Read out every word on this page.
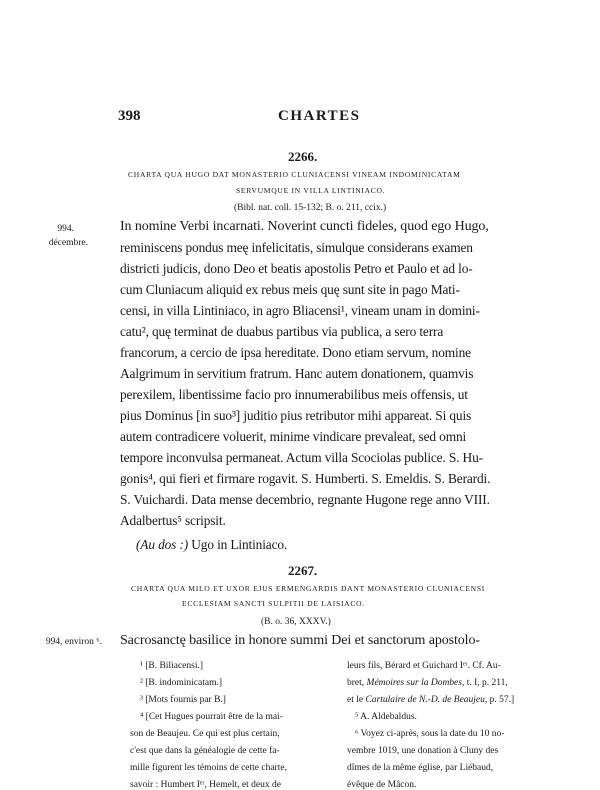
398	CHARTES
2266.
CHARTA QUA HUGO DAT MONASTERIO CLUNIACENSI VINEAM INDOMINICATAM
SERVUMQUE IN VILLA LINTINIACO.
(Bibl. nat. coll. 15-132; B. o. 211, ccix.)
994.
décembre.
In nomine Verbi incarnati. Noverint cuncti fideles, quod ego Hugo,
reminiscens pondus meę infelicitatis, simulque considerans examen
districti judicis, dono Deo et beatis apostolis Petro et Paulo et ad lo-
cum Cluniacum aliquid ex rebus meis quę sunt site in pago Mati-
censi, in villa Lintiniaco, in agro Bliacensi¹, vineam unam in domini-
catu², quę terminat de duabus partibus via publica, a sero terra
francorum, a cercio de ipsa hereditate. Dono etiam servum, nomine
Aalgrimum in servitium fratrum. Hanc autem donationem, quamvis
perexilem, libentissime facio pro innumerabilibus meis offensis, ut
pius Dominus [in suo³] juditio pius retributor mihi appareat. Si quis
autem contradicere voluerit, minime vindicare prevaleat, sed omni
tempore inconvulsa permaneat. Actum villa Scociolas publice. S. Hu-
gonis⁴, qui fieri et firmare rogavit. S. Humberti. S. Emeldis. S. Berardi.
S. Vuichardi. Data mense decembrio, regnante Hugone rege anno VIII.
Adalbertus⁵ scripsit.
(Au dos :) Ugo in Lintiniaco.
2267.
CHARTA QUA MILO ET UXOR EJUS ERMENGARDIS DANT MONASTERIO CLUNIACENSI
ECCLESIAM SANCTI SULPITII DE LAISIACO.
(B. o. 36, XXXV.)
994, environ ⁶. Sacrosanctę basilice in honore summi Dei et sanctorum apostolo-
¹ [B. Biliacensi.]
² [B. indominicatam.]
³ [Mots fournis par B.]
⁴ [Cet Hugues pourrait être de la mai-
son de Beaujeu. Ce qui est plus certain,
c'est que dans la généalogie de cette fa-
mille figurent les témoins de cette charte,
savoir : Humbert Iᵉʳ, Hemelt, et deux de
leurs fils, Bérard et Guichard Iᵉʳ. Cf. Au-
bret, Mémoires sur la Dombes, t. I, p. 211,
et le Cartulaire de N.-D. de Beaujeu, p. 57.]
⁵ A. Aldebaldus.
⁶ Voyez ci-après, sous la date du 10 no-
vembre 1019, une donation à Cluny des
dîmes de la même église, par Liébaud,
évêque de Mâcon.
